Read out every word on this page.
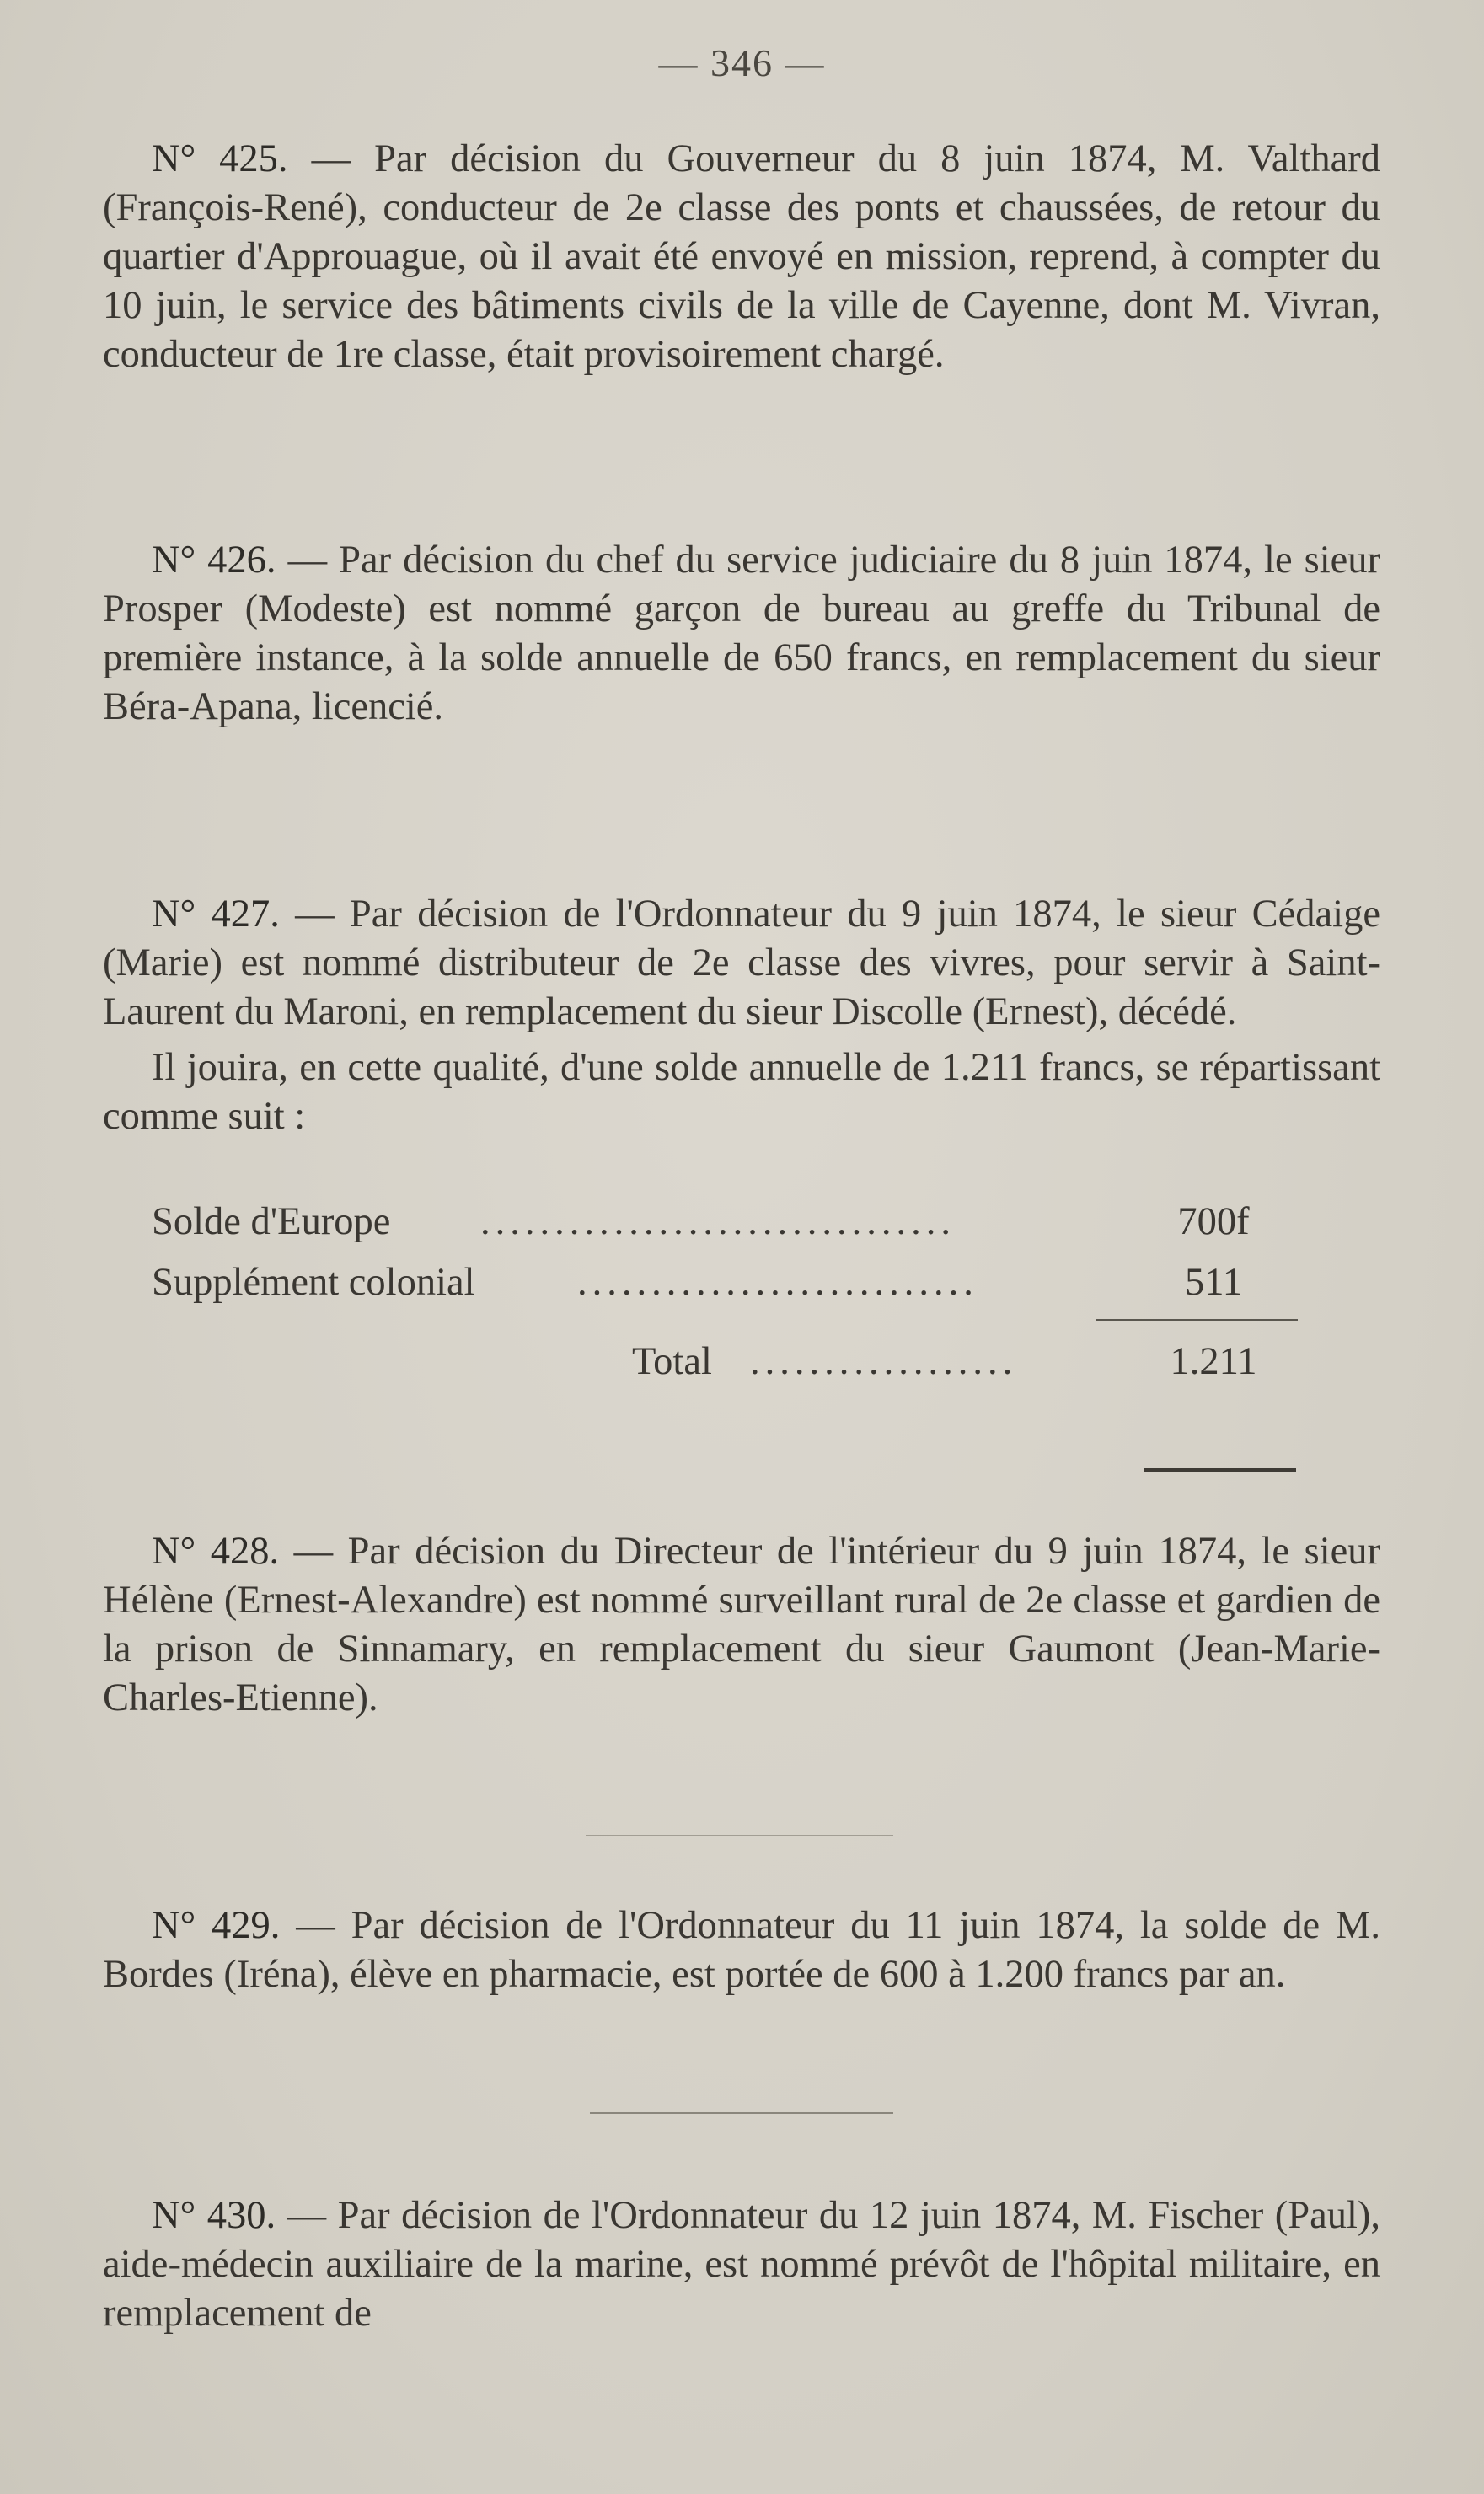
— 346 —

N° 425. — Par décision du Gouverneur du 8 juin 1874, M. Valthard (François-René), conducteur de 2e classe des ponts et chaussées, de retour du quartier d'Approuague, où il avait été envoyé en mission, reprend, à compter du 10 juin, le service des bâtiments civils de la ville de Cayenne, dont M. Vivran, conducteur de 1re classe, était provisoirement chargé.

N° 426. — Par décision du chef du service judiciaire du 8 juin 1874, le sieur Prosper (Modeste) est nommé garçon de bureau au greffe du Tribunal de première instance, à la solde annuelle de 650 francs, en remplacement du sieur Béra-Apana, licencié.

N° 427. — Par décision de l'Ordonnateur du 9 juin 1874, le sieur Cédaige (Marie) est nommé distributeur de 2e classe des vivres, pour servir à Saint-Laurent du Maroni, en remplacement du sieur Discolle (Ernest), décédé.

Il jouira, en cette qualité, d'une solde annuelle de 1.211 francs, se répartissant comme suit :

Solde d'Europe ................................	700f
Supplément colonial	...........................	511
Total ..................	1.211

N° 428. — Par décision du Directeur de l'intérieur du 9 juin 1874, le sieur Hélène (Ernest-Alexandre) est nommé surveillant rural de 2e classe et gardien de la prison de Sinnamary, en remplacement du sieur Gaumont (Jean-Marie-Charles-Etienne).

N° 429. — Par décision de l'Ordonnateur du 11 juin 1874, la solde de M. Bordes (Iréna), élève en pharmacie, est portée de 600 à 1.200 francs par an.

N° 430. — Par décision de l'Ordonnateur du 12 juin 1874, M. Fischer (Paul), aide-médecin auxiliaire de la marine, est nommé prévôt de l'hôpital militaire, en remplacement de
